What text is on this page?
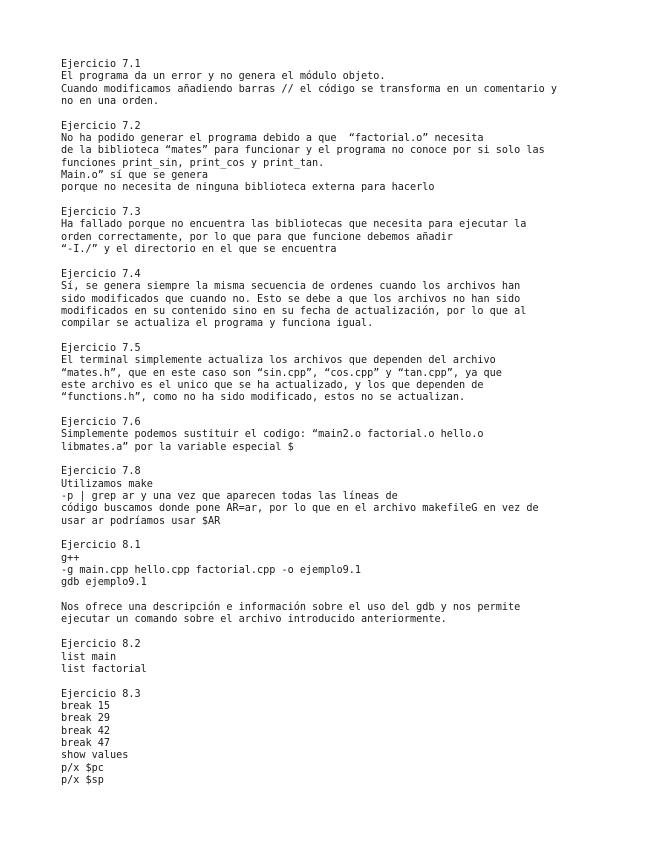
Ejercicio 7.1
El programa da un error y no genera el módulo objeto.
Cuando modificamos añadiendo barras // el código se transforma en un comentario y
no en una orden.
Ejercicio 7.2
No ha podido generar el programa debido a que  “factorial.o” necesita
de la biblioteca “mates” para funcionar y el programa no conoce por si solo las
funciones print_sin, print_cos y print_tan.
Main.o” sí que se genera
porque no necesita de ninguna biblioteca externa para hacerlo
Ejercicio 7.3
Ha fallado porque no encuentra las bibliotecas que necesita para ejecutar la
orden correctamente, por lo que para que funcione debemos añadir
“-I./” y el directorio en el que se encuentra
Ejercicio 7.4
Sí, se genera siempre la misma secuencia de ordenes cuando los archivos han
sido modificados que cuando no. Esto se debe a que los archivos no han sido
modificados en su contenido sino en su fecha de actualización, por lo que al
compilar se actualiza el programa y funciona igual.
Ejercicio 7.5
El terminal simplemente actualiza los archivos que dependen del archivo
“mates.h”, que en este caso son “sin.cpp”, “cos.cpp” y “tan.cpp”, ya que
este archivo es el unico que se ha actualizado, y los que dependen de
“functions.h”, como no ha sido modificado, estos no se actualizan.
Ejercicio 7.6
Simplemente podemos sustituir el codigo: “main2.o factorial.o hello.o
libmates.a” por la variable especial $
Ejercicio 7.8
Utilizamos make
-p | grep ar y una vez que aparecen todas las líneas de
código buscamos donde pone AR=ar, por lo que en el archivo makefileG en vez de
usar ar podríamos usar $AR
Ejercicio 8.1
g++
-g main.cpp hello.cpp factorial.cpp -o ejemplo9.1
gdb ejemplo9.1
Nos ofrece una descripción e información sobre el uso del gdb y nos permite
ejecutar un comando sobre el archivo introducido anteriormente.
Ejercicio 8.2
list main
list factorial
Ejercicio 8.3
break 15
break 29
break 42
break 47
show values
p/x $pc
p/x $sp
